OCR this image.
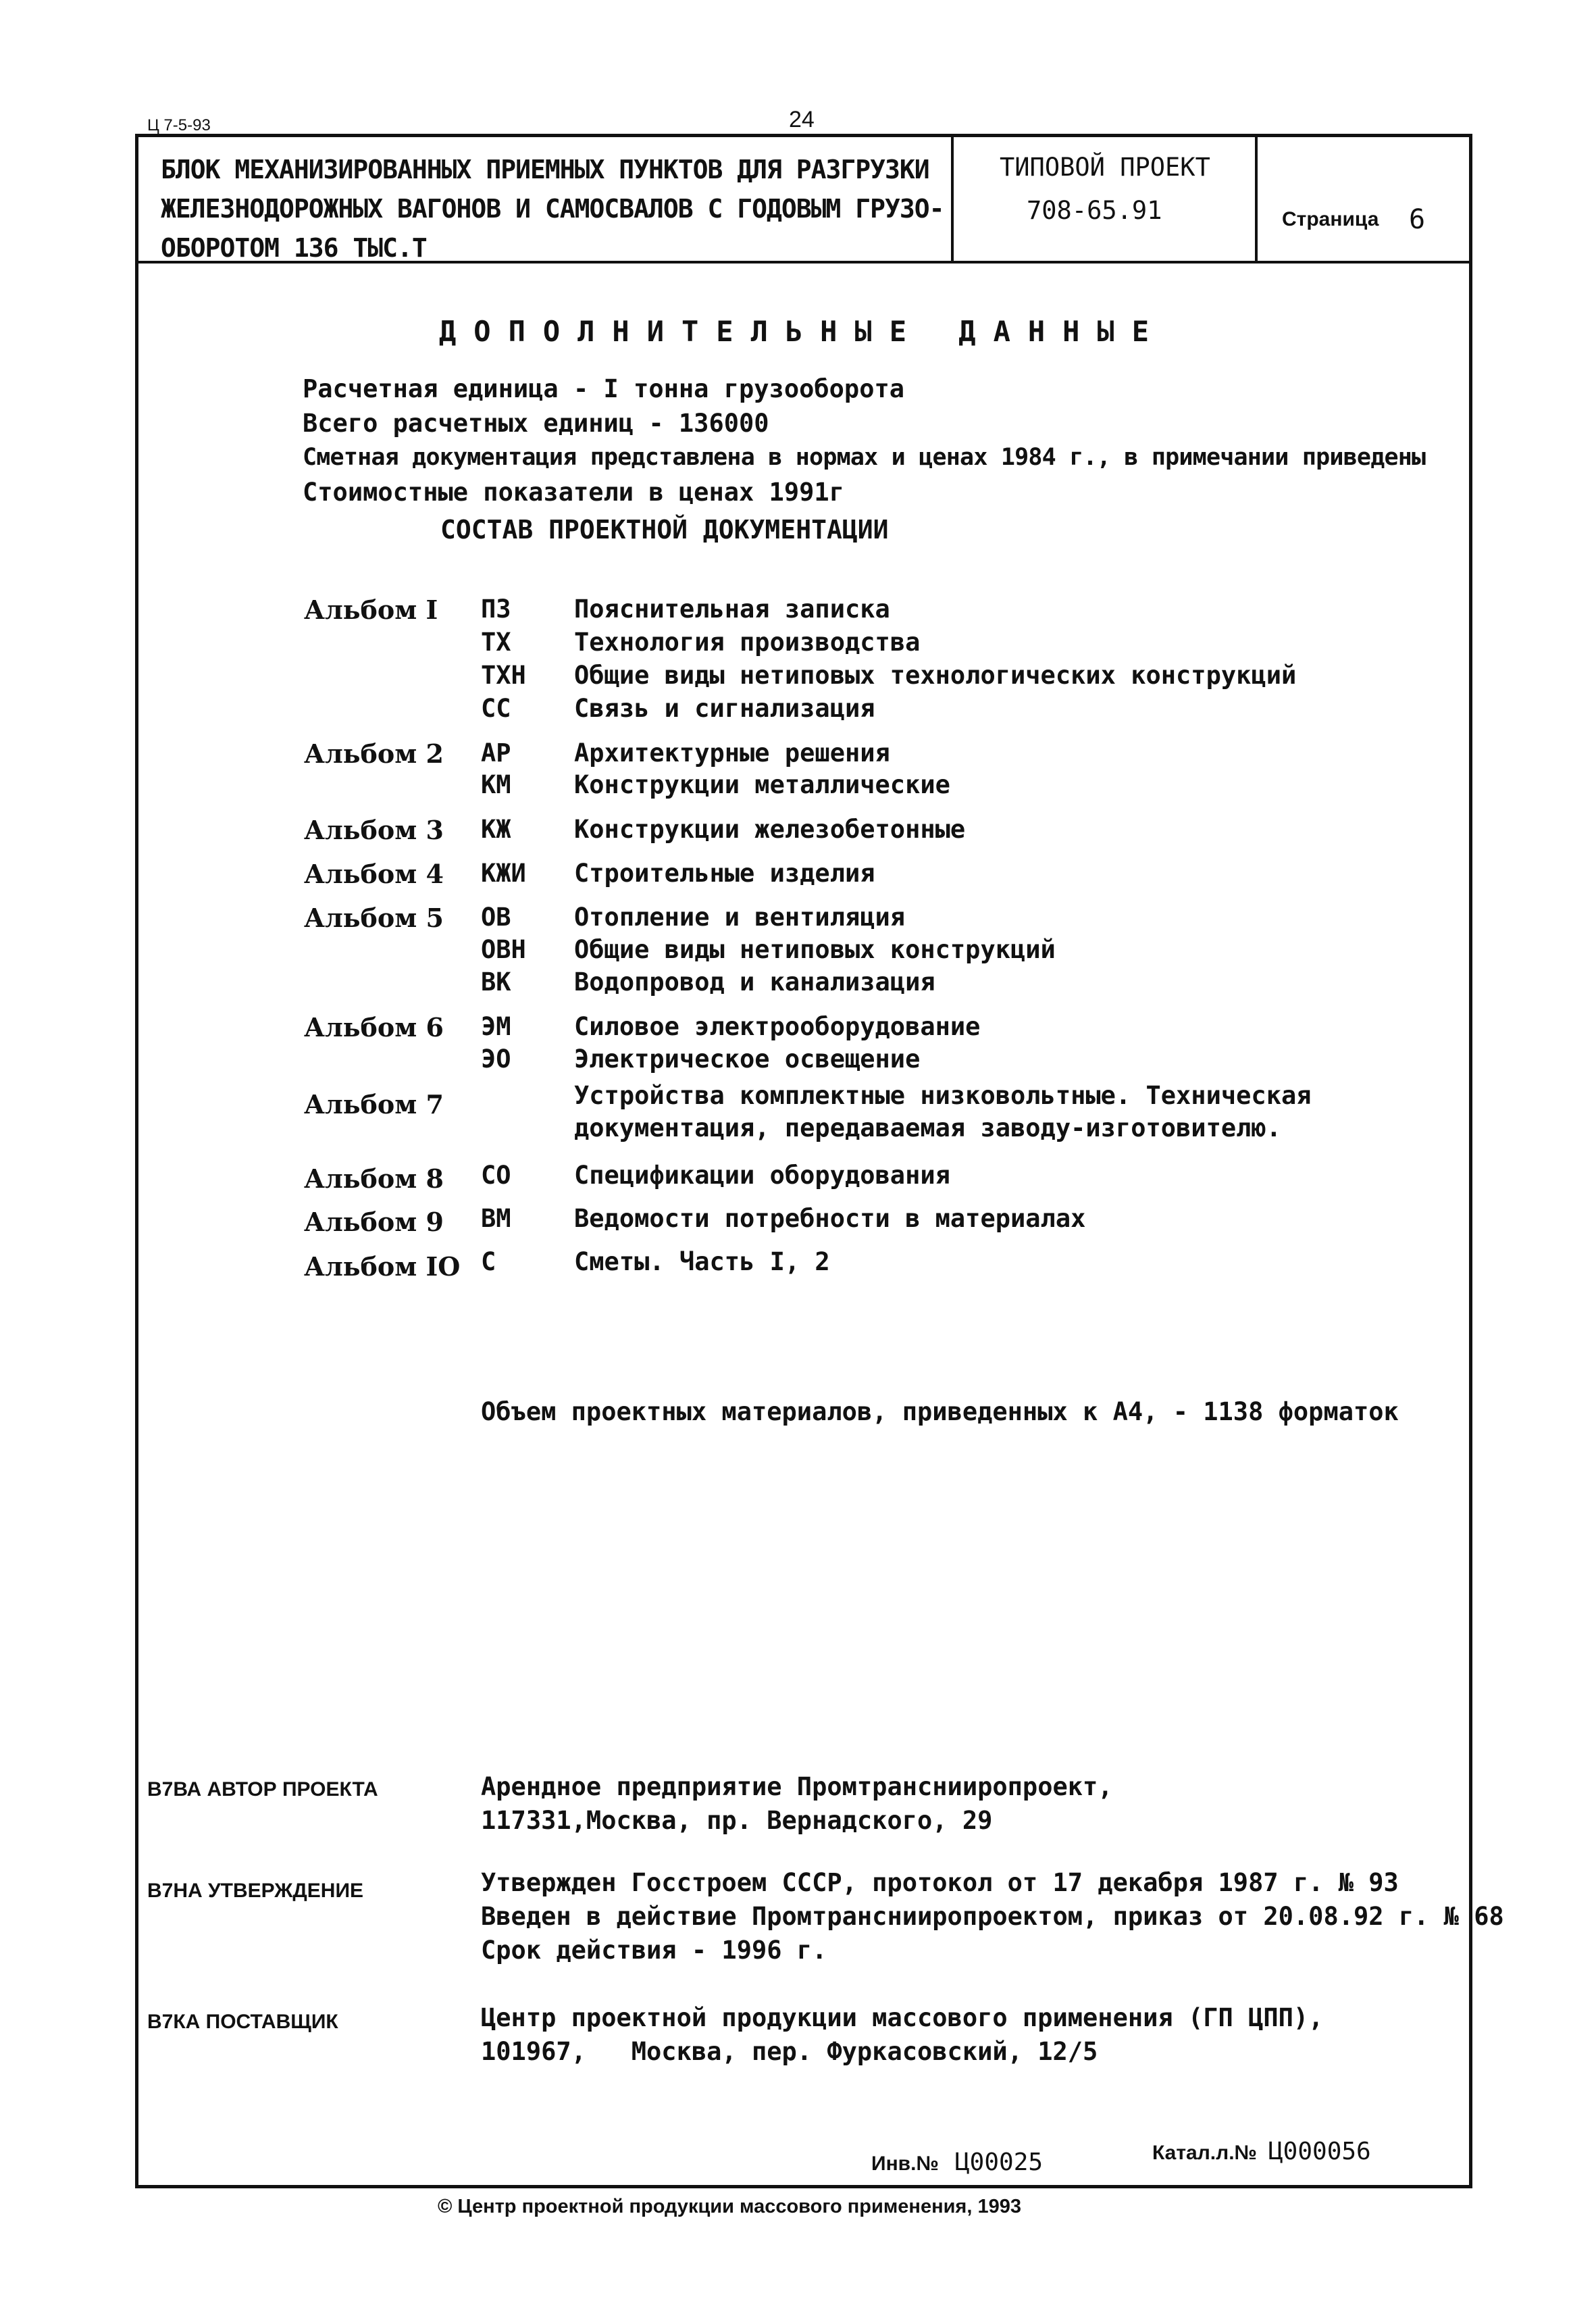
Ц 7-5-93	24
БЛОК МЕХАНИЗИРОВАННЫХ ПРИЕМНЫХ ПУНКТОВ ДЛЯ РАЗГРУЗКИ
ЖЕЛЕЗНОДОРОЖНЫХ ВАГОНОВ И САМОСВАЛОВ С ГОДОВЫМ ГРУЗО-
ОБОРОТОМ 136 ТЫС.Т
ТИПОВОЙ ПРОЕКТ
708-65.91	Страница 6
ДОПОЛНИТЕЛЬНЫЕ ДАННЫЕ
Расчетная единица - I тонна грузооборота
Всего расчетных единиц - 136000
Сметная документация представлена в нормах и ценах 1984 г., в примечании приведены
Стоимостные показатели в ценах 1991г
СОСТАВ ПРОЕКТНОЙ ДОКУМЕНТАЦИИ
Альбом I ПЗ	Пояснительная записка
ТХ	Технология производства
ТХН Общие виды нетиповых технологических конструкций
СС	Связь и сигнализация
Альбом 2 АР	Архитектурные решения
КМ	Конструкции металлические
Альбом 3 КЖ	Конструкции железобетонные
Альбом 4 КЖИ Строительные изделия
Альбом 5 ОВ	Отопление и вентиляция
ОВН Общие виды нетиповых конструкций
ВК	Водопровод и канализация
Альбом 6 ЭМ	Силовое электрооборудование
ЭО	Электрическое освещение
Альбом 7	Устройства комплектные низковольтные. Техническая
документация, передаваемая заводу-изготовителю.
Альбом 8 СО	Спецификации оборудования
Альбом 9 ВМ	Ведомости потребности в материалах
Альбом IO С	Сметы. Часть I, 2
Объем проектных материалов, приведенных к А4, - 1138 форматок
В7ВА АВТОР ПРОЕКТА	Арендное предприятие Промтранснииропроект,
117331,Москва, пр. Вернадского, 29
В7НА УТВЕРЖДЕНИЕ	Утвержден Госстроем СССР, протокол от 17 декабря 1987 г. № 93
Введен в действие Промтранснииропроектом, приказ от 20.08.92 г. № 68
Срок действия - 1996 г.
В7КА ПОСТАВЩИК	Центр проектной продукции массового применения (ГП ЦПП),
101967,   Москва, пер. Фуркасовский, 12/5
Инв.№ Ц00025	Катал.л.№ Ц000056
© Центр проектной продукции массового применения, 1993
